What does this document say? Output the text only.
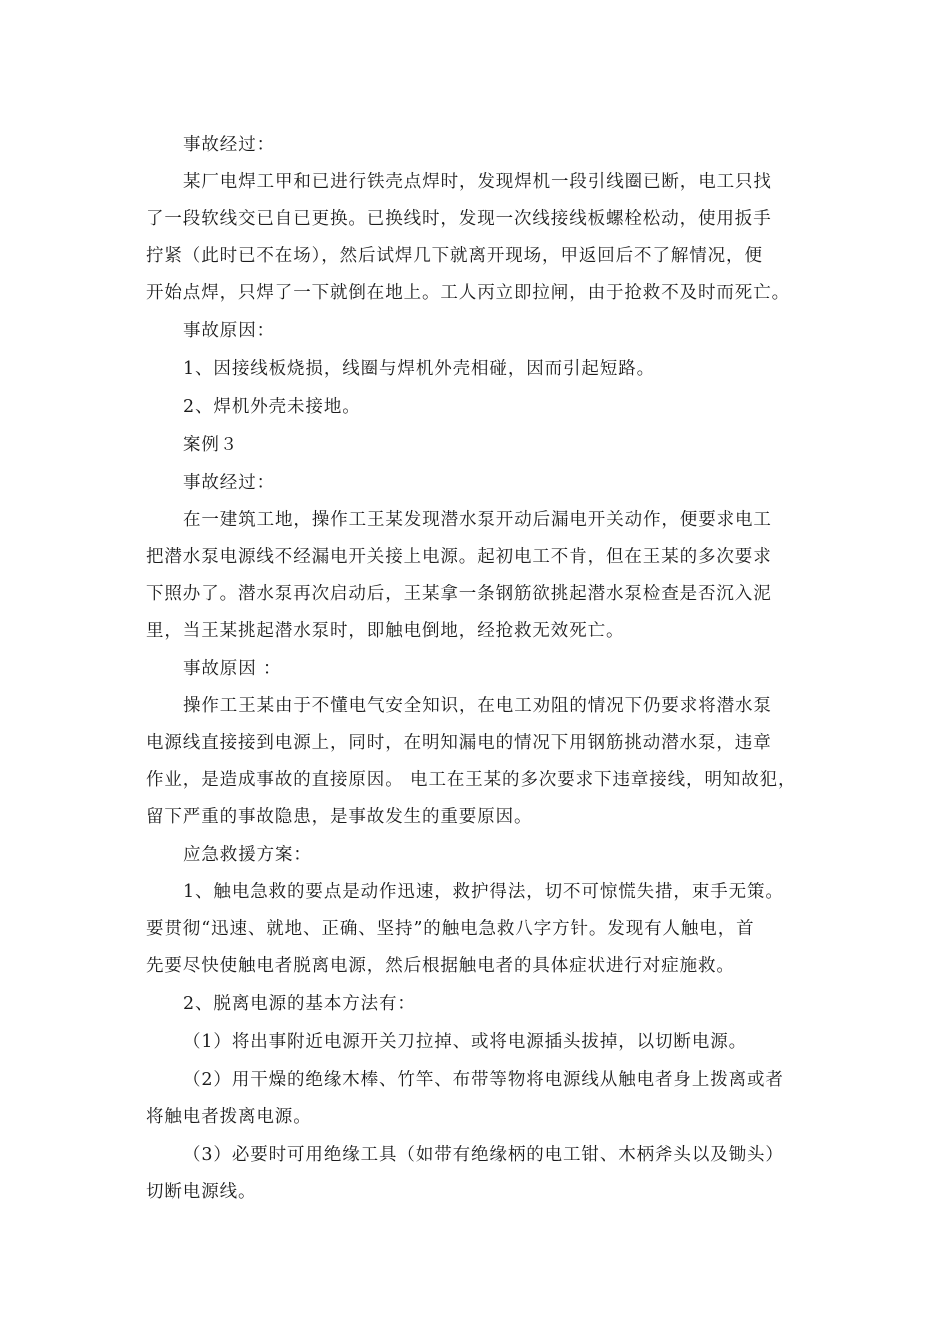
事故经过：
某厂电焊工甲和已进行铁壳点焊时，发现焊机一段引线圈已断，电工只找
了一段软线交已自已更换。已换线时，发现一次线接线板螺栓松动，使用扳手
拧紧（此时已不在场），然后试焊几下就离开现场，甲返回后不了解情况，便
开始点焊，只焊了一下就倒在地上。工人丙立即拉闸，由于抢救不及时而死亡。
事故原因：
1、因接线板烧损，线圈与焊机外壳相碰，因而引起短路。
2、焊机外壳未接地。
案例３
事故经过：
在一建筑工地，操作工王某发现潜水泵开动后漏电开关动作，便要求电工
把潜水泵电源线不经漏电开关接上电源。起初电工不肯，但在王某的多次要求
下照办了。潜水泵再次启动后，王某拿一条钢筋欲挑起潜水泵检查是否沉入泥
里，当王某挑起潜水泵时，即触电倒地，经抢救无效死亡。
事故原因 ：
操作工王某由于不懂电气安全知识，在电工劝阻的情况下仍要求将潜水泵
电源线直接接到电源上，同时，在明知漏电的情况下用钢筋挑动潜水泵，违章
作业，是造成事故的直接原因。 电工在王某的多次要求下违章接线，明知故犯，
留下严重的事故隐患，是事故发生的重要原因。
应急救援方案：
1、触电急救的要点是动作迅速，救护得法，切不可惊慌失措，束手无策。
要贯彻“迅速、就地、正确、坚持”的触电急救八字方针。发现有人触电，首
先要尽快使触电者脱离电源，然后根据触电者的具体症状进行对症施救。
2、脱离电源的基本方法有：
（1）将出事附近电源开关刀拉掉、或将电源插头拔掉，以切断电源。
（2）用干燥的绝缘木棒、竹竿、布带等物将电源线从触电者身上拨离或者
将触电者拨离电源。
（3）必要时可用绝缘工具（如带有绝缘柄的电工钳、木柄斧头以及锄头）
切断电源线。
